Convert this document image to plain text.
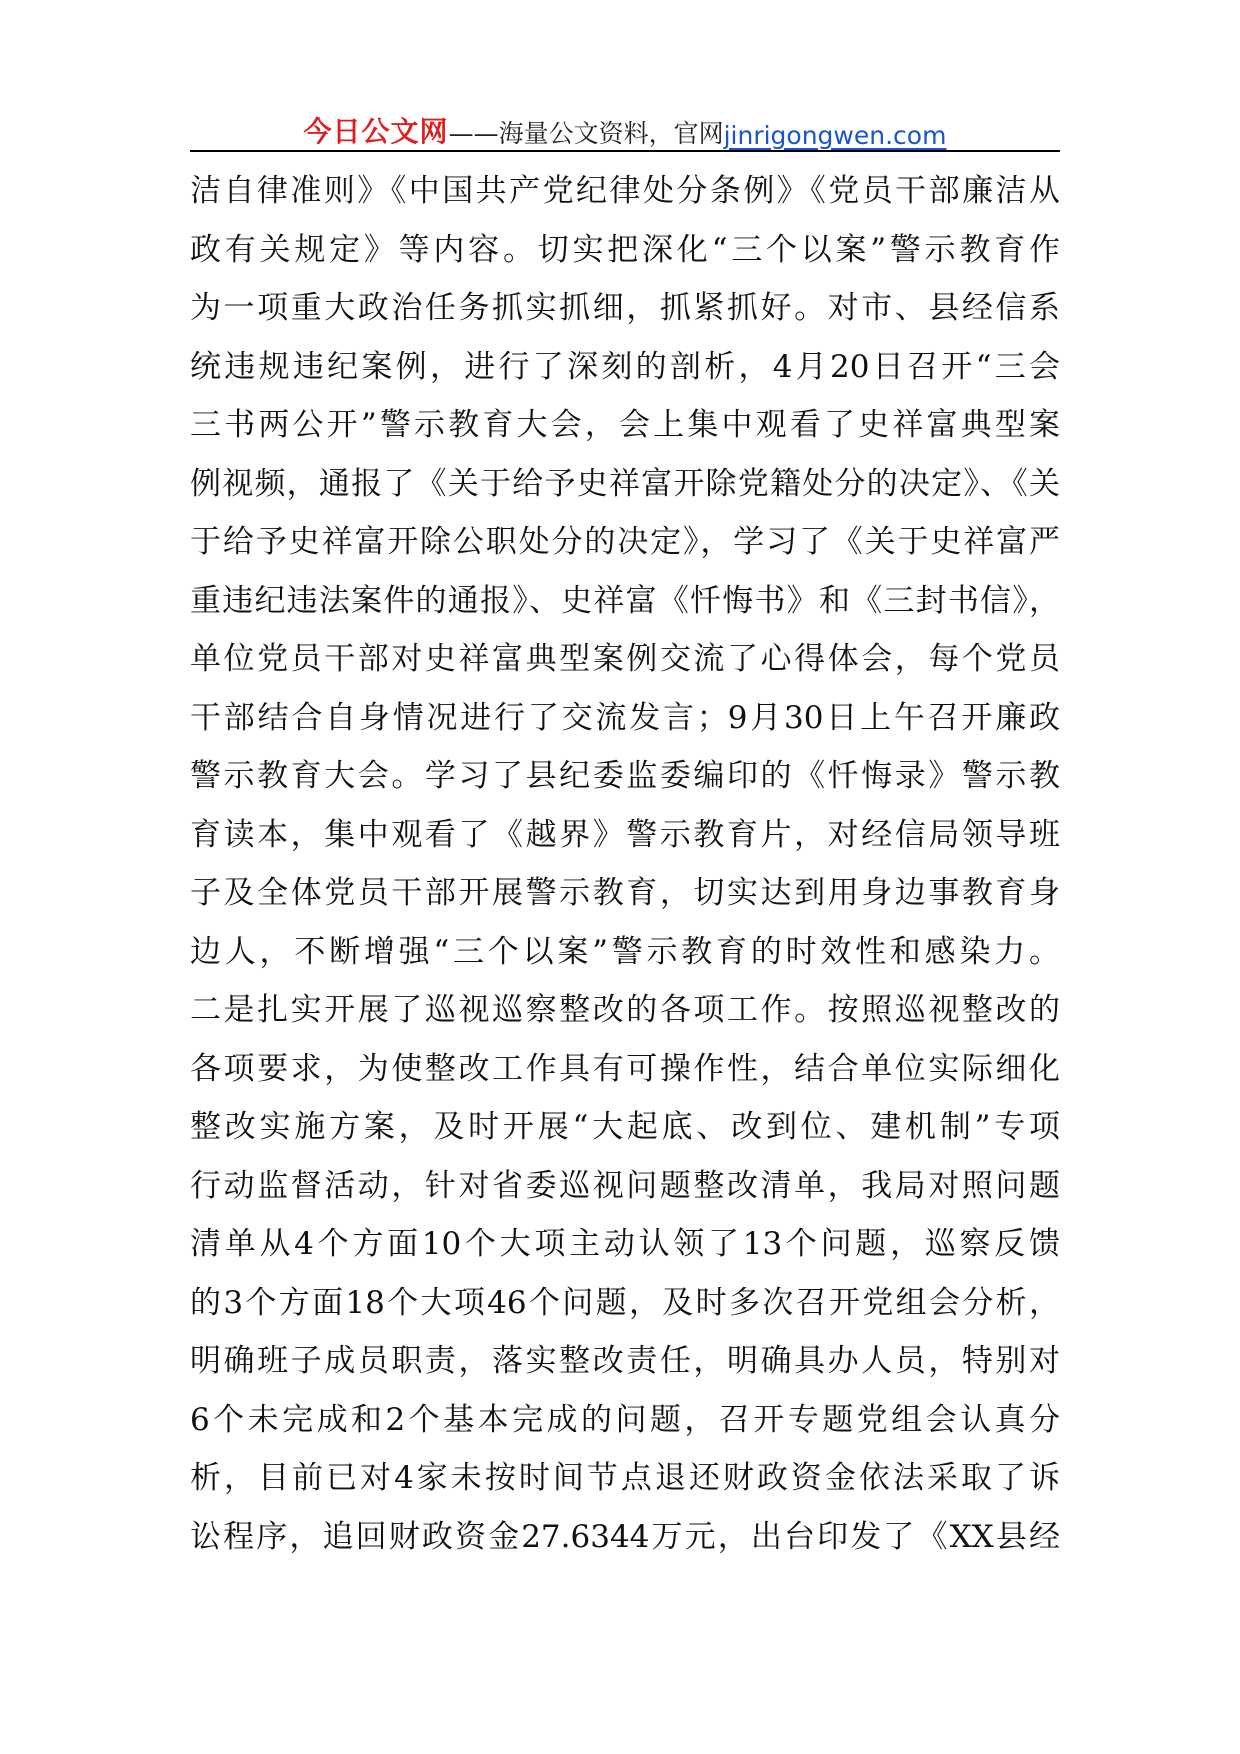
今日公文网 ——海量公文资料，官网 jinrigongwen.com
洁自律准则》《中国共产党纪律处分条例》《党员干部廉洁从
政有关规定》等内容。切实把深化“三个以案”警示教育作
为一项重大政治任务抓实抓细，抓紧抓好。对市、县经信系
统违规违纪案例，进行了深刻的剖析，4月20日召开“三会
三书两公开”警示教育大会，会上集中观看了史祥富典型案
例视频，通报了《关于给予史祥富开除党籍处分的决定》、《关
于给予史祥富开除公职处分的决定》，学习了《关于史祥富严
重违纪违法案件的通报》、史祥富《忏悔书》和《三封书信》，
单位党员干部对史祥富典型案例交流了心得体会，每个党员
干部结合自身情况进行了交流发言；9月30日上午召开廉政
警示教育大会。学习了县纪委监委编印的《忏悔录》警示教
育读本，集中观看了《越界》警示教育片，对经信局领导班
子及全体党员干部开展警示教育，切实达到用身边事教育身
边人，不断增强“三个以案”警示教育的时效性和感染力。
二是扎实开展了巡视巡察整改的各项工作。按照巡视整改的
各项要求，为使整改工作具有可操作性，结合单位实际细化
整改实施方案，及时开展“大起底、改到位、建机制”专项
行动监督活动，针对省委巡视问题整改清单，我局对照问题
清单从4个方面10个大项主动认领了13个问题，巡察反馈
的3个方面18个大项46个问题，及时多次召开党组会分析，
明确班子成员职责，落实整改责任，明确具办人员，特别对
6个未完成和2个基本完成的问题，召开专题党组会认真分
析，目前已对4家未按时间节点退还财政资金依法采取了诉
讼程序，追回财政资金27.6344万元，出台印发了《XX县经
